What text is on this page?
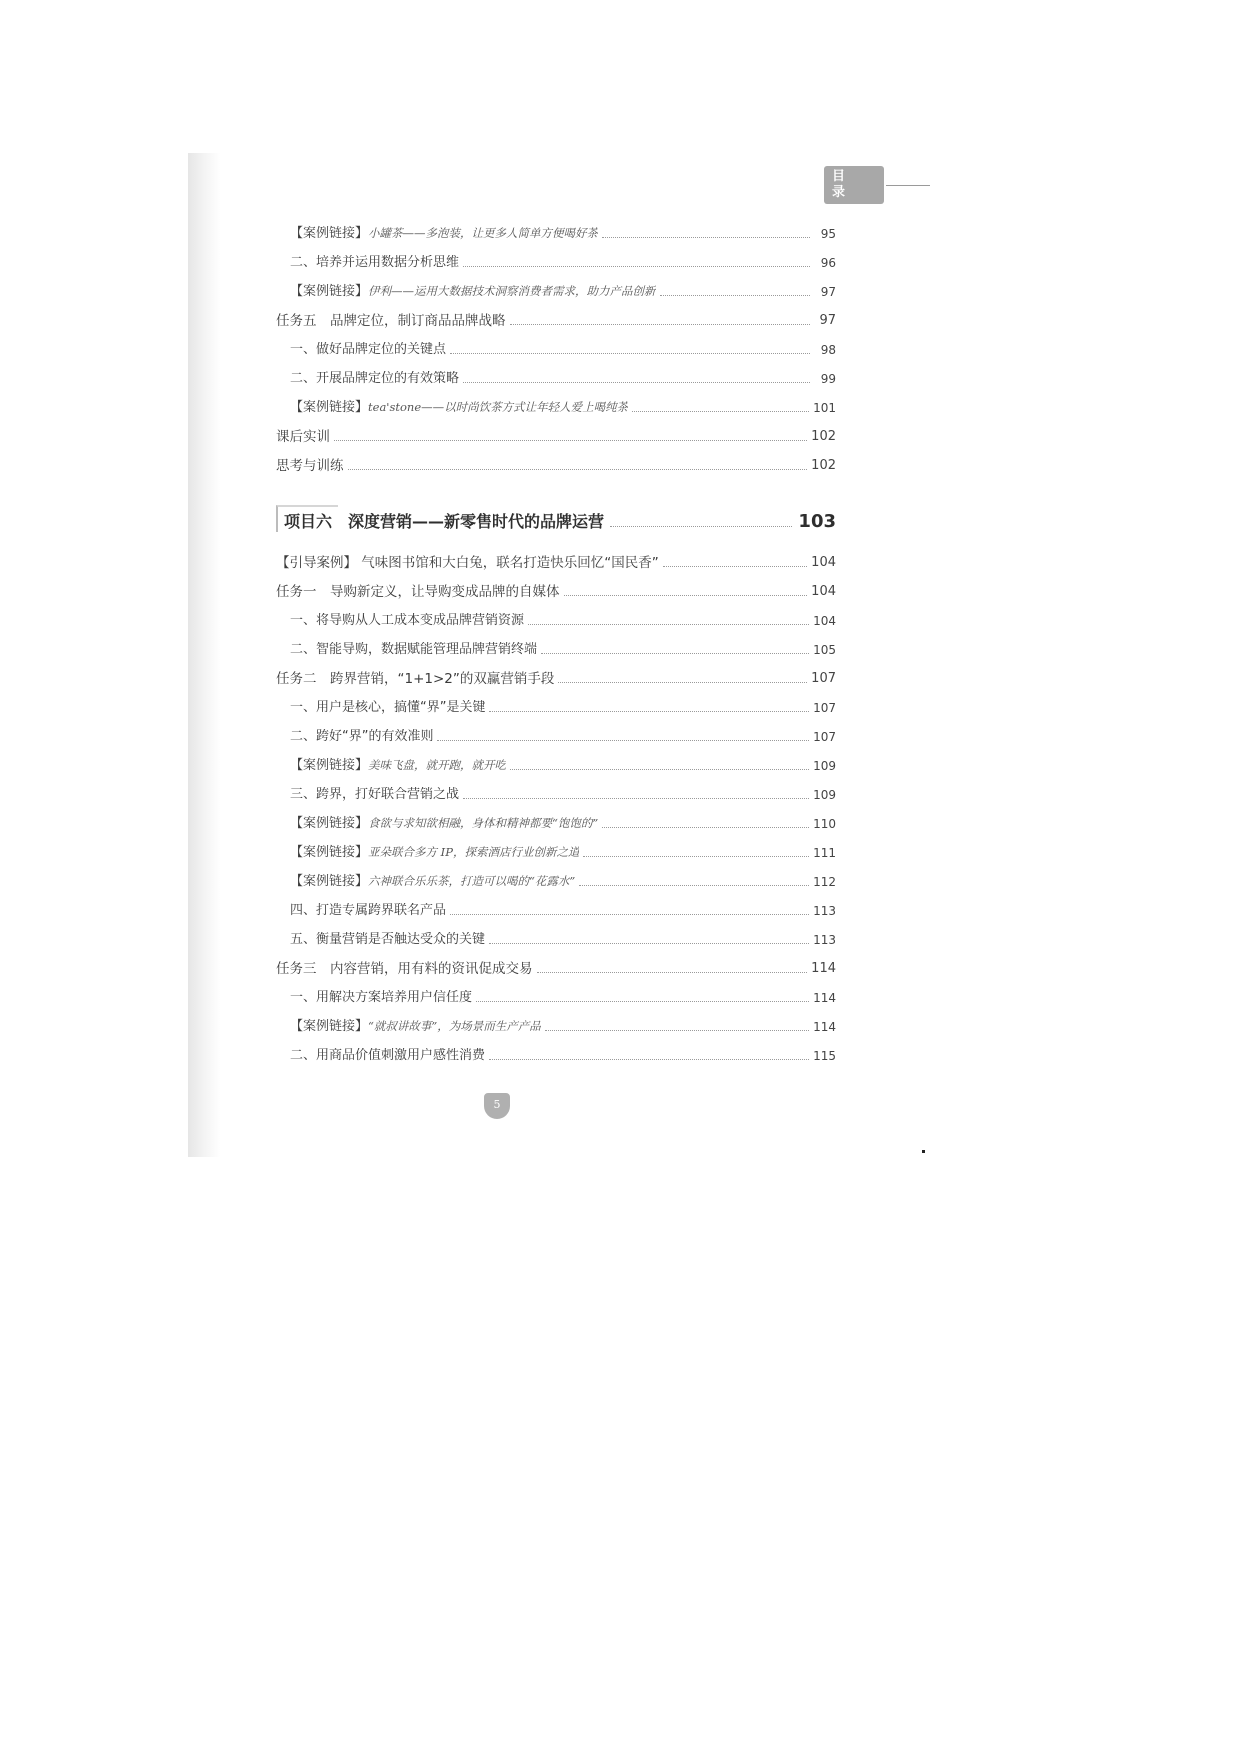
目 录
【案例链接】小罐茶——多泡装，让更多人简单方便喝好茶	95
二、培养并运用数据分析思维	96
【案例链接】伊利——运用大数据技术洞察消费者需求，助力产品创新	97
任务五　品牌定位，制订商品品牌战略	97
一、做好品牌定位的关键点	98
二、开展品牌定位的有效策略	99
【案例链接】tea'stone——以时尚饮茶方式让年轻人爱上喝纯茶	101
课后实训	102
思考与训练	102
项目六 深度营销——新零售时代的品牌运营	103
【引导案例】 气味图书馆和大白兔，联名打造快乐回忆“国民香”	104
任务一　导购新定义，让导购变成品牌的自媒体	104
一、将导购从人工成本变成品牌营销资源	104
二、智能导购，数据赋能管理品牌营销终端	105
任务二　跨界营销，“1+1>2”的双赢营销手段	107
一、用户是核心，搞懂“界”是关键	107
二、跨好“界”的有效准则	107
【案例链接】美味飞盘，就开跑，就开吃	109
三、跨界，打好联合营销之战	109
【案例链接】食欲与求知欲相融，身体和精神都要“饱饱的”	110
【案例链接】亚朵联合多方 IP，探索酒店行业创新之道	111
【案例链接】六神联合乐乐茶，打造可以喝的“花露水”	112
四、打造专属跨界联名产品	113
五、衡量营销是否触达受众的关键	113
任务三　内容营销，用有料的资讯促成交易	114
一、用解决方案培养用户信任度	114
【案例链接】“就叔讲故事”，为场景而生产产品	114
二、用商品价值刺激用户感性消费	115
5
